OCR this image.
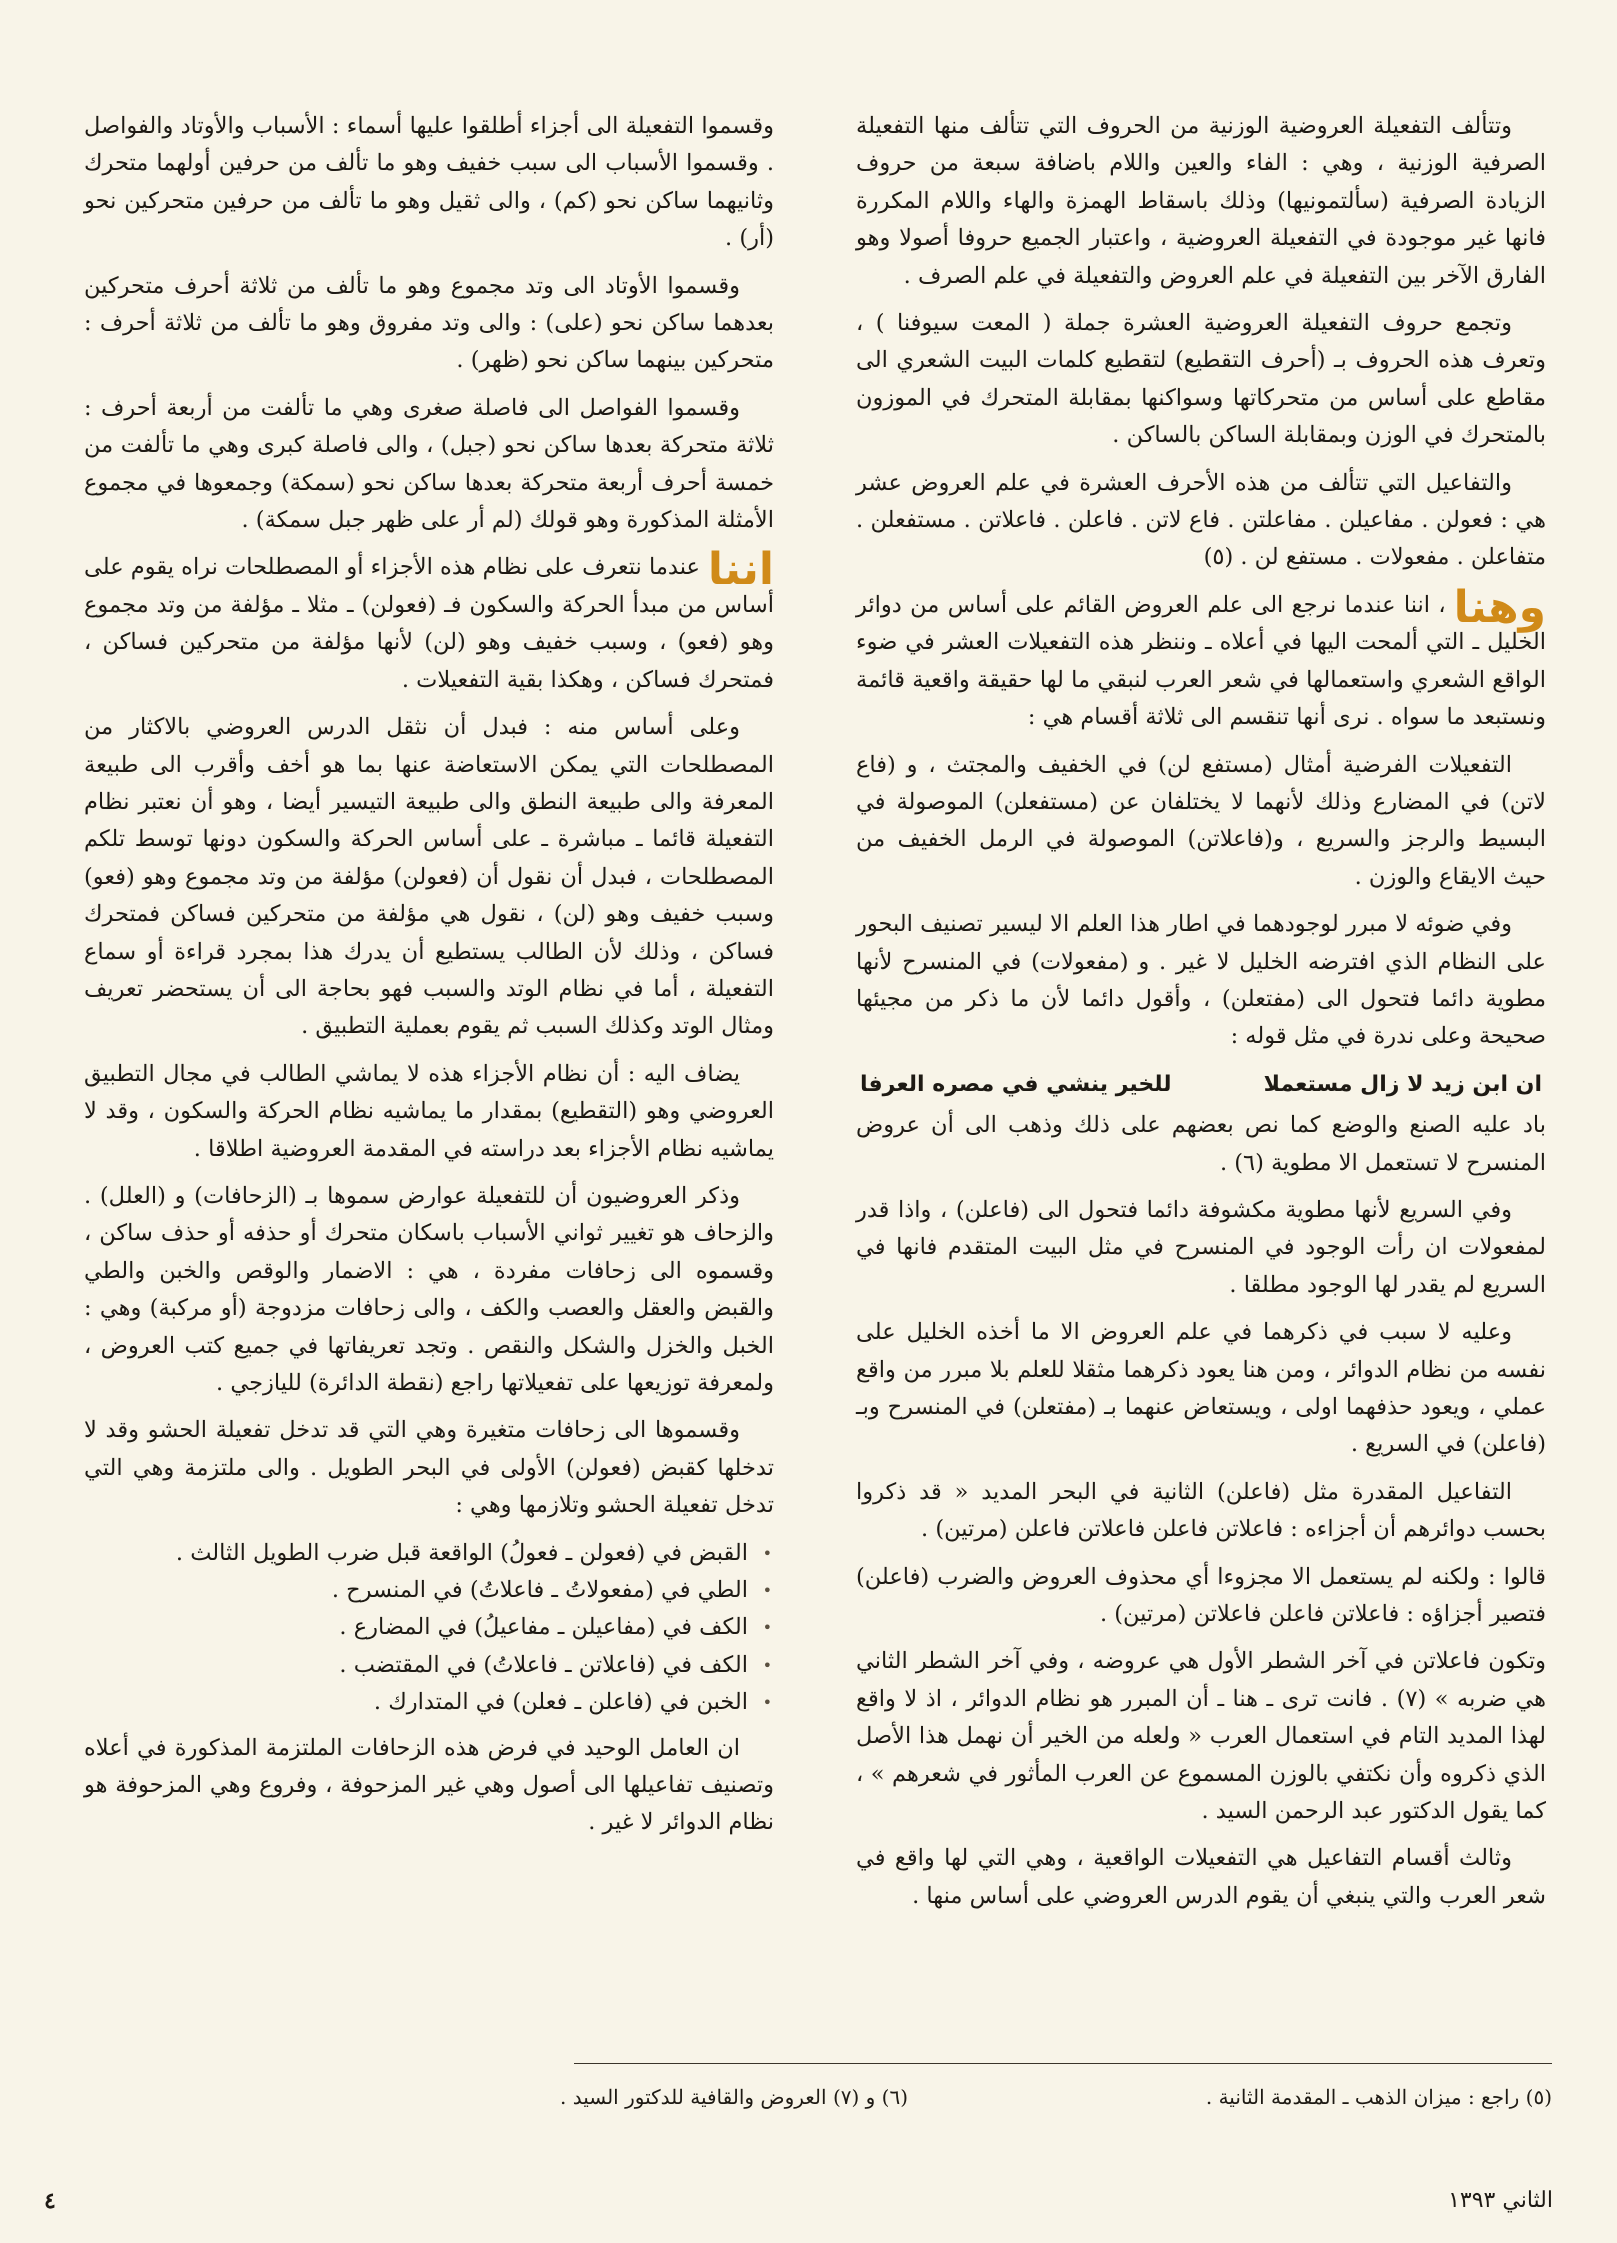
وتتألف التفعيلة العروضية الوزنية من الحروف التي تتألف منها التفعيلة الصرفية الوزنية ، وهي : الفاء والعين واللام باضافة سبعة من حروف الزيادة الصرفية (سألتمونيها) وذلك باسقاط الهمزة والهاء واللام المكررة فانها غير موجودة في التفعيلة العروضية ، واعتبار الجميع حروفا أصولا وهو الفارق الآخر بين التفعيلة في علم العروض والتفعيلة في علم الصرف .

وتجمع حروف التفعيلة العروضية العشرة جملة ( المعت سيوفنا ) ، وتعرف هذه الحروف بـ (أحرف التقطيع) لتقطيع كلمات البيت الشعري الى مقاطع على أساس من متحركاتها وسواكنها بمقابلة المتحرك في الموزون بالمتحرك في الوزن وبمقابلة الساكن بالساكن .

والتفاعيل التي تتألف من هذه الأحرف العشرة في علم العروض عشر هي : فعولن . مفاعيلن . مفاعلتن . فاع لاتن . فاعلن . فاعلاتن . مستفعلن . متفاعلن . مفعولات . مستفع لن . (٥)

وهنا
، اننا عندما نرجع الى علم العروض القائم على أساس من دوائر الخليل ـ التي ألمحت اليها في أعلاه ـ وننظر هذه التفعيلات العشر في ضوء الواقع الشعري واستعمالها في شعر العرب لنبقي ما لها حقيقة واقعية قائمة ونستبعد ما سواه . نرى أنها تنقسم الى ثلاثة أقسام هي :

التفعيلات الفرضية أمثال (مستفع لن) في الخفيف والمجتث ، و (فاع لاتن) في المضارع وذلك لأنهما لا يختلفان عن (مستفعلن) الموصولة في البسيط والرجز والسريع ، و(فاعلاتن) الموصولة في الرمل الخفيف من حيث الايقاع والوزن .

وفي ضوئه لا مبرر لوجودهما في اطار هذا العلم الا ليسير تصنيف البحور على النظام الذي افترضه الخليل لا غير . و (مفعولات) في المنسرح لأنها مطوية دائما فتحول الى (مفتعلن) ، وأقول دائما لأن ما ذكر من مجيئها صحيحة وعلى ندرة في مثل قوله :

ان ابن زيد لا زال مستعملا
للخير ينشي في مصره العرفا

باد عليه الصنع والوضع كما نص بعضهم على ذلك وذهب الى أن عروض المنسرح لا تستعمل الا مطوية (٦) .

وفي السريع لأنها مطوية مكشوفة دائما فتحول الى (فاعلن) ، واذا قدر لمفعولات ان رأت الوجود في المنسرح في مثل البيت المتقدم فانها في السريع لم يقدر لها الوجود مطلقا .

وعليه لا سبب في ذكرهما في علم العروض الا ما أخذه الخليل على نفسه من نظام الدوائر ، ومن هنا يعود ذكرهما مثقلا للعلم بلا مبرر من واقع عملي ، ويعود حذفهما اولى ، ويستعاض عنهما بـ (مفتعلن) في المنسرح وبـ (فاعلن) في السريع .

التفاعيل المقدرة مثل (فاعلن) الثانية في البحر المديد « قد ذكروا بحسب دوائرهم أن أجزاءه : فاعلاتن فاعلن فاعلاتن فاعلن (مرتين) .

قالوا : ولكنه لم يستعمل الا مجزوءا أي محذوف العروض والضرب (فاعلن) فتصير أجزاؤه : فاعلاتن فاعلن فاعلاتن (مرتين) .

وتكون فاعلاتن في آخر الشطر الأول هي عروضه ، وفي آخر الشطر الثاني هي ضربه » (٧) . فانت ترى ـ هنا ـ أن المبرر هو نظام الدوائر ، اذ لا واقع لهذا المديد التام في استعمال العرب « ولعله من الخير أن نهمل هذا الأصل الذي ذكروه وأن نكتفي بالوزن المسموع عن العرب المأثور في شعرهم » ، كما يقول الدكتور عبد الرحمن السيد .

وثالث أقسام التفاعيل هي التفعيلات الواقعية ، وهي التي لها واقع في شعر العرب والتي ينبغي أن يقوم الدرس العروضي على أساس منها .

وقسموا التفعيلة الى أجزاء أطلقوا عليها أسماء : الأسباب والأوتاد والفواصل . وقسموا الأسباب الى سبب خفيف وهو ما تألف من حرفين أولهما متحرك وثانيهما ساكن نحو (كم) ، والى ثقيل وهو ما تألف من حرفين متحركين نحو (أر) .

وقسموا الأوتاد الى وتد مجموع وهو ما تألف من ثلاثة أحرف متحركين بعدهما ساكن نحو (على) : والى وتد مفروق وهو ما تألف من ثلاثة أحرف : متحركين بينهما ساكن نحو (ظهر) .

وقسموا الفواصل الى فاصلة صغرى وهي ما تألفت من أربعة أحرف : ثلاثة متحركة بعدها ساكن نحو (جبل) ، والى فاصلة كبرى وهي ما تألفت من خمسة أحرف أربعة متحركة بعدها ساكن نحو (سمكة) وجمعوها في مجموع الأمثلة المذكورة وهو قولك (لم أر على ظهر جبل سمكة) .

اننا
عندما نتعرف على نظام هذه الأجزاء أو المصطلحات نراه يقوم على أساس من مبدأ الحركة والسكون فـ (فعولن) ـ مثلا ـ مؤلفة من وتد مجموع وهو (فعو) ، وسبب خفيف وهو (لن) لأنها مؤلفة من متحركين فساكن ، فمتحرك فساكن ، وهكذا بقية التفعيلات .

وعلى أساس منه : فبدل أن نثقل الدرس العروضي بالاكثار من المصطلحات التي يمكن الاستعاضة عنها بما هو أخف وأقرب الى طبيعة المعرفة والى طبيعة النطق والى طبيعة التيسير أيضا ، وهو أن نعتبر نظام التفعيلة قائما ـ مباشرة ـ على أساس الحركة والسكون دونها توسط تلكم المصطلحات ، فبدل أن نقول أن (فعولن) مؤلفة من وتد مجموع وهو (فعو) وسبب خفيف وهو (لن) ، نقول هي مؤلفة من متحركين فساكن فمتحرك فساكن ، وذلك لأن الطالب يستطيع أن يدرك هذا بمجرد قراءة أو سماع التفعيلة ، أما في نظام الوتد والسبب فهو بحاجة الى أن يستحضر تعريف ومثال الوتد وكذلك السبب ثم يقوم بعملية التطبيق .

يضاف اليه : أن نظام الأجزاء هذه لا يماشي الطالب في مجال التطبيق العروضي وهو (التقطيع) بمقدار ما يماشيه نظام الحركة والسكون ، وقد لا يماشيه نظام الأجزاء بعد دراسته في المقدمة العروضية اطلاقا .

وذكر العروضيون أن للتفعيلة عوارض سموها بـ (الزحافات) و (العلل) . والزحاف هو تغيير ثواني الأسباب باسكان متحرك أو حذفه أو حذف ساكن ، وقسموه الى زحافات مفردة ، هي : الاضمار والوقص والخبن والطي والقبض والعقل والعصب والكف ، والى زحافات مزدوجة (أو مركبة) وهي : الخبل والخزل والشكل والنقص . وتجد تعريفاتها في جميع كتب العروض ، ولمعرفة توزيعها على تفعيلاتها راجع (نقطة الدائرة) لليازجي .

وقسموها الى زحافات متغيرة وهي التي قد تدخل تفعيلة الحشو وقد لا تدخلها كقبض (فعولن) الأولى في البحر الطويل . والى ملتزمة وهي التي تدخل تفعيلة الحشو وتلازمها وهي :

• القبض في (فعولن ـ فعولُ) الواقعة قبل ضرب الطويل الثالث .
• الطي في (مفعولاتُ ـ فاعلاتُ) في المنسرح .
• الكف في (مفاعيلن ـ مفاعيلُ) في المضارع .
• الكف في (فاعلاتن ـ فاعلاتُ) في المقتضب .
• الخبن في (فاعلن ـ فعلن) في المتدارك .

ان العامل الوحيد في فرض هذه الزحافات الملتزمة المذكورة في أعلاه وتصنيف تفاعيلها الى أصول وهي غير المزحوفة ، وفروع وهي المزحوفة هو نظام الدوائر لا غير .

(٥) راجع : ميزان الذهب ـ المقدمة الثانية .
(٦) و (٧) العروض والقافية للدكتور السيد .
الثاني ١٣٩٣
٤
